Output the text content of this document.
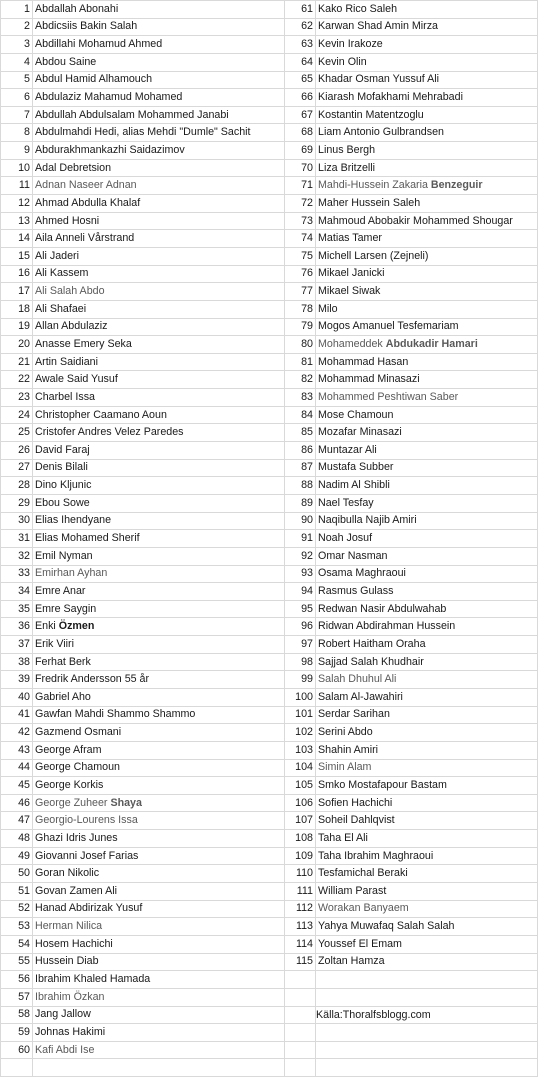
1	Abdallah Abonahi	61	Kako Rico Saleh
2	Abdicsiis Bakin Salah	62	Karwan Shad Amin Mirza
3	Abdillahi Mohamud Ahmed	63	Kevin Irakoze
4	Abdou Saine	64	Kevin Olin
5	Abdul Hamid Alhamouch	65	Khadar Osman Yussuf Ali
6	Abdulaziz Mahamud Mohamed	66	Kiarash Mofakhami Mehrabadi
7	Abdullah Abdulsalam Mohammed Janabi	67	Kostantin Matentzoglu
8	Abdulmahdi Hedi, alias Mehdi "Dumle" Sachit	68	Liam Antonio Gulbrandsen
9	Abdurakhmankazhi Saidazimov	69	Linus Bergh
10	Adal Debretsion	70	Liza Britzelli
11	Adnan Naseer Adnan	71	Mahdi-Hussein Zakaria Benzeguir
12	Ahmad Abdulla Khalaf	72	Maher Hussein Saleh
13	Ahmed Hosni	73	Mahmoud Abobakir Mohammed Shougar
14	Aila Anneli Vårstrand	74	Matias Tamer
15	Ali Jaderi	75	Michell Larsen (Zejneli)
16	Ali Kassem	76	Mikael Janicki
17	Ali Salah Abdo	77	Mikael Siwak
18	Ali Shafaei	78	Milo
19	Allan Abdulaziz	79	Mogos Amanuel Tesfemariam
20	Anasse Emery Seka	80	Mohameddek Abdukadir Hamari
21	Artin Saidiani	81	Mohammad Hasan
22	Awale Said Yusuf	82	Mohammad Minasazi
23	Charbel Issa	83	Mohammed Peshtiwan Saber
24	Christopher Caamano Aoun	84	Mose Chamoun
25	Cristofer Andres Velez Paredes	85	Mozafar Minasazi
26	David Faraj	86	Muntazar Ali
27	Denis Bilali	87	Mustafa Subber
28	Dino Kljunic	88	Nadim Al Shibli
29	Ebou Sowe	89	Nael Tesfay
30	Elias Ihendyane	90	Naqibulla Najib Amiri
31	Elias Mohamed Sherif	91	Noah Josuf
32	Emil Nyman	92	Omar Nasman
33	Emirhan Ayhan	93	Osama Maghraoui
34	Emre Anar	94	Rasmus Gulass
35	Emre Saygin	95	Redwan Nasir Abdulwahab
36	Enki Özmen	96	Ridwan Abdirahman Hussein
37	Erik Viiri	97	Robert Haitham Oraha
38	Ferhat Berk	98	Sajjad Salah Khudhair
39	Fredrik Andersson 55 år	99	Salah Dhuhul Ali
40	Gabriel Aho	100	Salam Al-Jawahiri
41	Gawfan Mahdi Shammo Shammo	101	Serdar Sarihan
42	Gazmend Osmani	102	Serini Abdo
43	George Afram	103	Shahin Amiri
44	George Chamoun	104	Simin Alam
45	George Korkis	105	Smko Mostafapour Bastam
46	George Zuheer Shaya	106	Sofien Hachichi
47	Georgio-Lourens Issa	107	Soheil Dahlqvist
48	Ghazi Idris Junes	108	Taha El Ali
49	Giovanni Josef Farias	109	Taha Ibrahim Maghraoui
50	Goran Nikolic	110	Tesfamichal Beraki
51	Govan Zamen Ali	111	William Parast
52	Hanad Abdirizak Yusuf	112	Worakan Banyaem
53	Herman Nilica	113	Yahya Muwafaq Salah Salah
54	Hosem Hachichi	114	Youssef El Emam
55	Hussein Diab	115	Zoltan Hamza
56	Ibrahim Khaled Hamada		
57	Ibrahim Özkan		
58	Jang Jallow		
59	Johnas Hakimi		
60	Kafi Abdi Ise		

Källa:Thoralfsblogg.com
